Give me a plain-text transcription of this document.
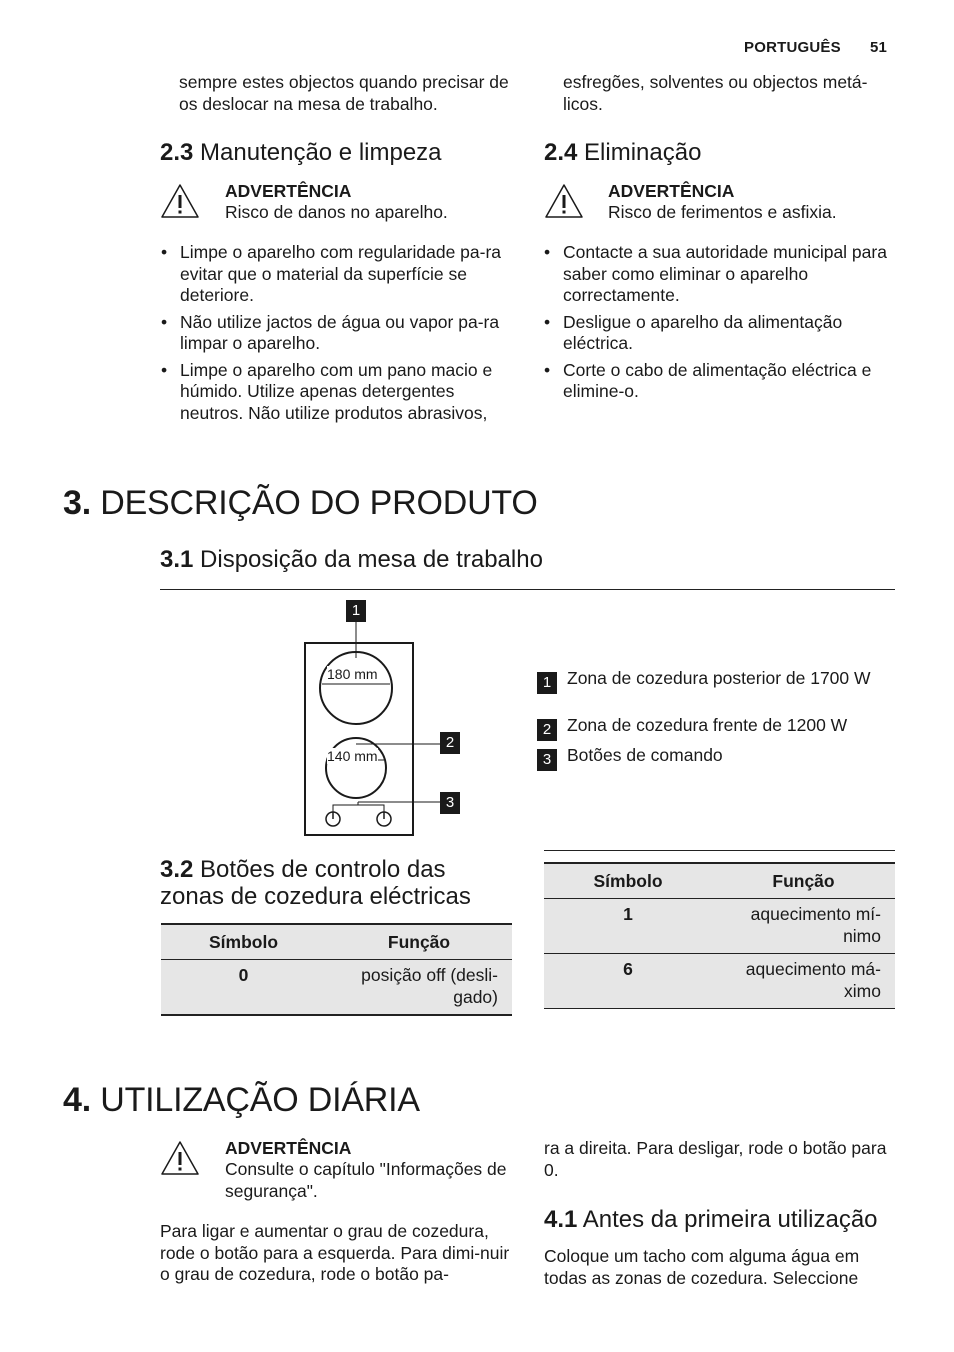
PORTUGUÊS 51
sempre estes objectos quando precisar de os deslocar na mesa de trabalho.
esfregões, solventes ou objectos metá-licos.
2.3 Manutenção e limpeza
ADVERTÊNCIA
Risco de danos no aparelho.
• Limpe o aparelho com regularidade pa-ra evitar que o material da superfície se deteriore.
• Não utilize jactos de água ou vapor pa-ra limpar o aparelho.
• Limpe o aparelho com um pano macio e húmido. Utilize apenas detergentes neutros. Não utilize produtos abrasivos,
2.4 Eliminação
ADVERTÊNCIA
Risco de ferimentos e asfixia.
• Contacte a sua autoridade municipal para saber como eliminar o aparelho correctamente.
• Desligue o aparelho da alimentação eléctrica.
• Corte o cabo de alimentação eléctrica e elimine-o.
3. DESCRIÇÃO DO PRODUTO
3.1 Disposição da mesa de trabalho
180 mm
140 mm
1
2
3
1 Zona de cozedura posterior de 1700 W
2 Zona de cozedura frente de 1200 W
3 Botões de comando
3.2 Botões de controlo das
zonas de cozedura eléctricas
Símbolo	Função
0	posição off (desli-
gado)
Símbolo	Função
1	aquecimento mí-
nimo

6	aquecimento má-
ximo
4. UTILIZAÇÃO DIÁRIA
ADVERTÊNCIA
Consulte o capítulo "Informações de segurança".
Para ligar e aumentar o grau de cozedura, rode o botão para a esquerda. Para dimi-nuir o grau de cozedura, rode o botão pa-
ra a direita. Para desligar, rode o botão para 0.
4.1 Antes da primeira utilização
Coloque um tacho com alguma água em todas as zonas de cozedura. Seleccione
